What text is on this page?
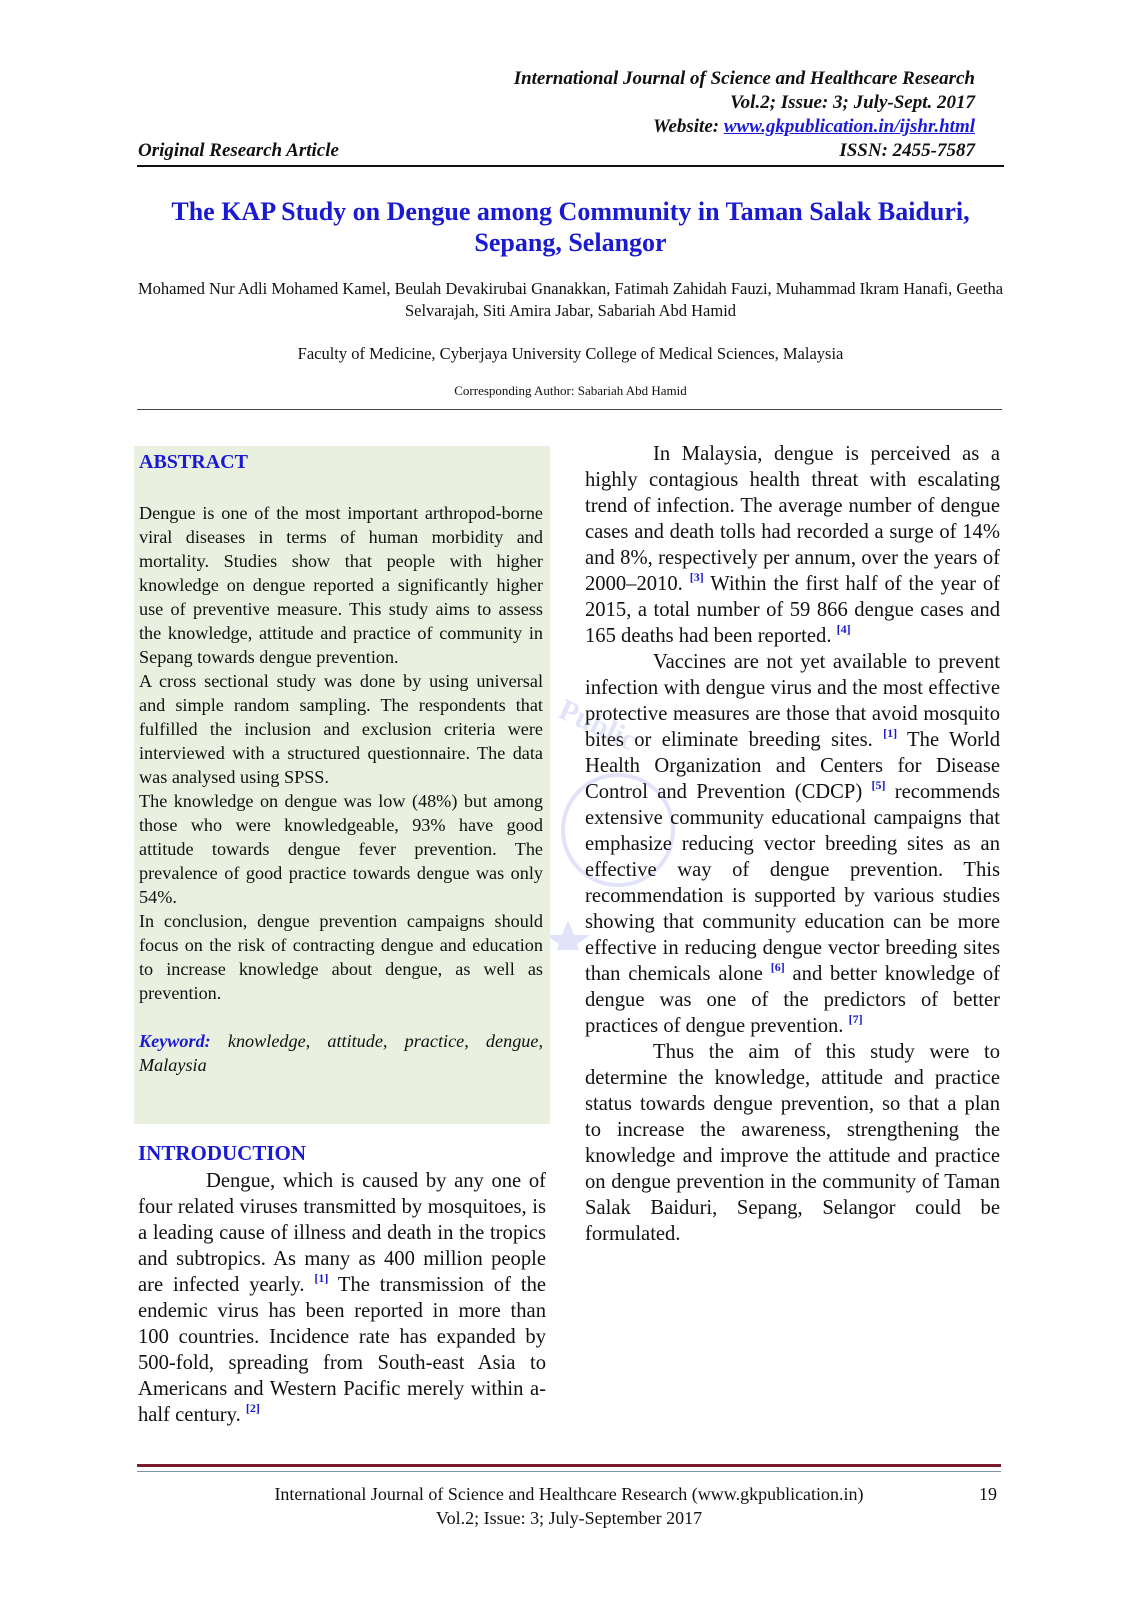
International Journal of Science and Healthcare Research
Vol.2; Issue: 3; July-Sept. 2017
Website: www.gkpublication.in/ijshr.html
Original Research Article	ISSN: 2455-7587
The KAP Study on Dengue among Community in Taman Salak Baiduri, Sepang, Selangor
Mohamed Nur Adli Mohamed Kamel, Beulah Devakirubai Gnanakkan, Fatimah Zahidah Fauzi, Muhammad Ikram Hanafi, Geetha Selvarajah, Siti Amira Jabar, Sabariah Abd Hamid
Faculty of Medicine, Cyberjaya University College of Medical Sciences, Malaysia
Corresponding Author: Sabariah Abd Hamid
Public
ABSTRACT

Dengue is one of the most important arthropod-borne viral diseases in terms of human morbidity and mortality. Studies show that people with higher knowledge on dengue reported a significantly higher use of preventive measure. This study aims to assess the knowledge, attitude and practice of community in Sepang towards dengue prevention.

A cross sectional study was done by using universal and simple random sampling. The respondents that fulfilled the inclusion and exclusion criteria were interviewed with a structured questionnaire. The data was analysed using SPSS.

The knowledge on dengue was low (48%) but among those who were knowledgeable, 93% have good attitude towards dengue fever prevention. The prevalence of good practice towards dengue was only 54%.

In conclusion, dengue prevention campaigns should focus on the risk of contracting dengue and education to increase knowledge about dengue, as well as prevention.

Keyword: knowledge, attitude, practice, dengue, Malaysia

INTRODUCTION

Dengue, which is caused by any one of four related viruses transmitted by mosquitoes, is a leading cause of illness and death in the tropics and subtropics. As many as 400 million people are infected yearly. [1] The transmission of the endemic virus has been reported in more than 100 countries. Incidence rate has expanded by 500-fold, spreading from South-east Asia to Americans and Western Pacific merely within a-half century. [2]

In Malaysia, dengue is perceived as a highly contagious health threat with escalating trend of infection. The average number of dengue cases and death tolls had recorded a surge of 14% and 8%, respectively per annum, over the years of 2000–2010. [3] Within the first half of the year of 2015, a total number of 59 866 dengue cases and 165 deaths had been reported. [4]

Vaccines are not yet available to prevent infection with dengue virus and the most effective protective measures are those that avoid mosquito bites or eliminate breeding sites. [1] The World Health Organization and Centers for Disease Control and Prevention (CDCP) [5] recommends extensive community educational campaigns that emphasize reducing vector breeding sites as an effective way of dengue prevention. This recommendation is supported by various studies showing that community education can be more effective in reducing dengue vector breeding sites than chemicals alone [6] and better knowledge of dengue was one of the predictors of better practices of dengue prevention. [7]

Thus the aim of this study were to determine the knowledge, attitude and practice status towards dengue prevention, so that a plan to increase the awareness, strengthening the knowledge and improve the attitude and practice on dengue prevention in the community of Taman Salak Baiduri, Sepang, Selangor could be formulated.

International Journal of Science and Healthcare Research (www.gkpublication.in)	19
Vol.2; Issue: 3; July-September 2017
